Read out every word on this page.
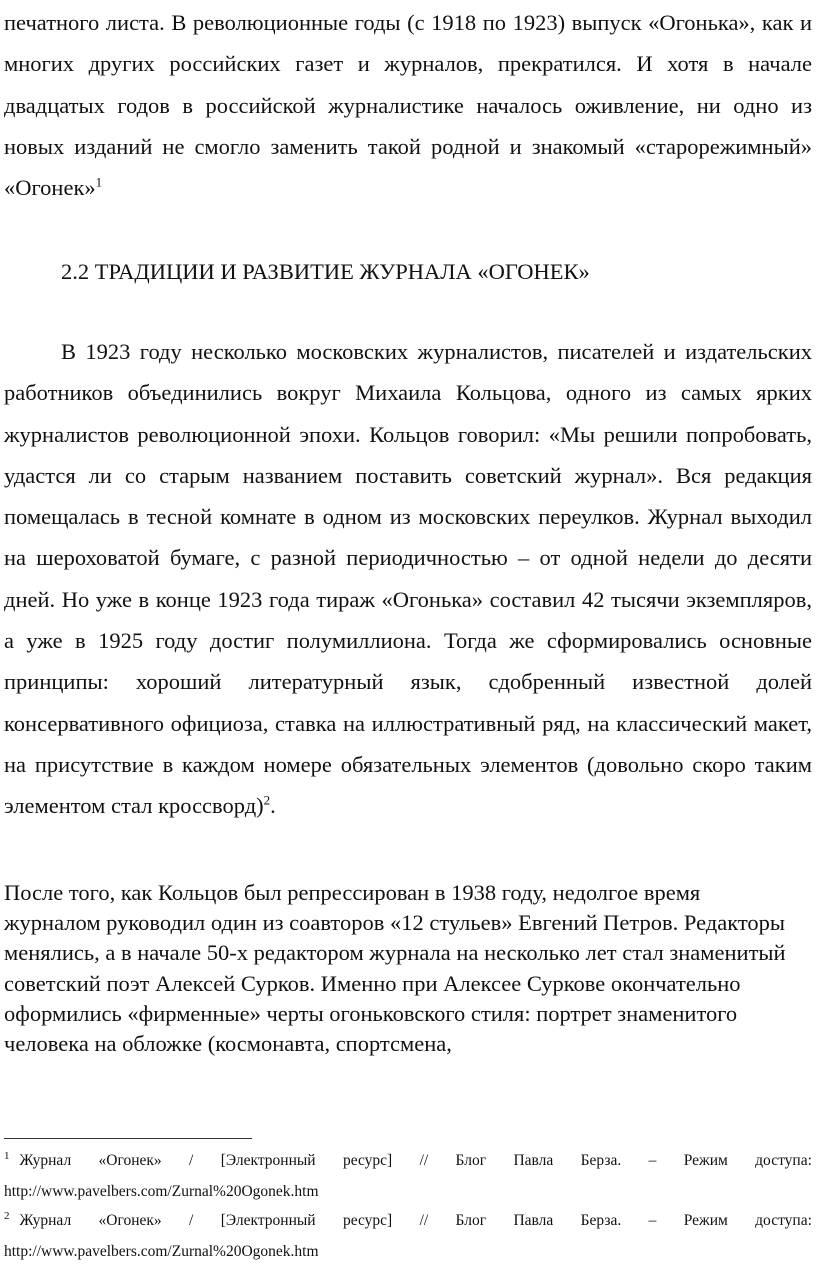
печатного листа. В революционные годы (с 1918 по 1923) выпуск «Огонька», как и многих других российских газет и журналов, прекратился. И хотя в начале двадцатых годов в российской журналистике началось оживление, ни одно из новых изданий не смогло заменить такой родной и знакомый «старорежимный» «Огонек»$^1$

2.2 ТРАДИЦИИ И РАЗВИТИЕ ЖУРНАЛА «ОГОНЕК»

В 1923 году несколько московских журналистов, писателей и издательских работников объединились вокруг Михаила Кольцова, одного из самых ярких журналистов революционной эпохи. Кольцов говорил: «Мы решили попробовать, удастся ли со старым названием поставить советский журнал». Вся редакция помещалась в тесной комнате в одном из московских переулков. Журнал выходил на шероховатой бумаге, с разной периодичностью – от одной недели до десяти дней. Но уже в конце 1923 года тираж «Огонька» составил 42 тысячи экземпляров, а уже в 1925 году достиг полумиллиона. Тогда же сформировались основные принципы: хороший литературный язык, сдобренный известной долей консервативного официоза, ставка на иллюстративный ряд, на классический макет, на присутствие в каждом номере обязательных элементов (довольно скоро таким элементом стал кроссворд)$^2$.

После того, как Кольцов был репрессирован в 1938 году, недолгое время журналом руководил один из соавторов «12 стульев» Евгений Петров. Редакторы менялись, а в начале 50-х редактором журнала на несколько лет стал знаменитый советский поэт Алексей Сурков. Именно при Алексее Суркове окончательно оформились «фирменные» черты огоньковского стиля: портрет знаменитого человека на обложке (космонавта, спортсмена,

$^1$ Журнал «Огонек» / [Электронный ресурс] // Блог Павла Берза. – Режим доступа:
http://www.pavelbers.com/Zurnal%20Ogonek.htm
$^2$ Журнал «Огонек» / [Электронный ресурс] // Блог Павла Берза. – Режим доступа:
http://www.pavelbers.com/Zurnal%20Ogonek.htm
